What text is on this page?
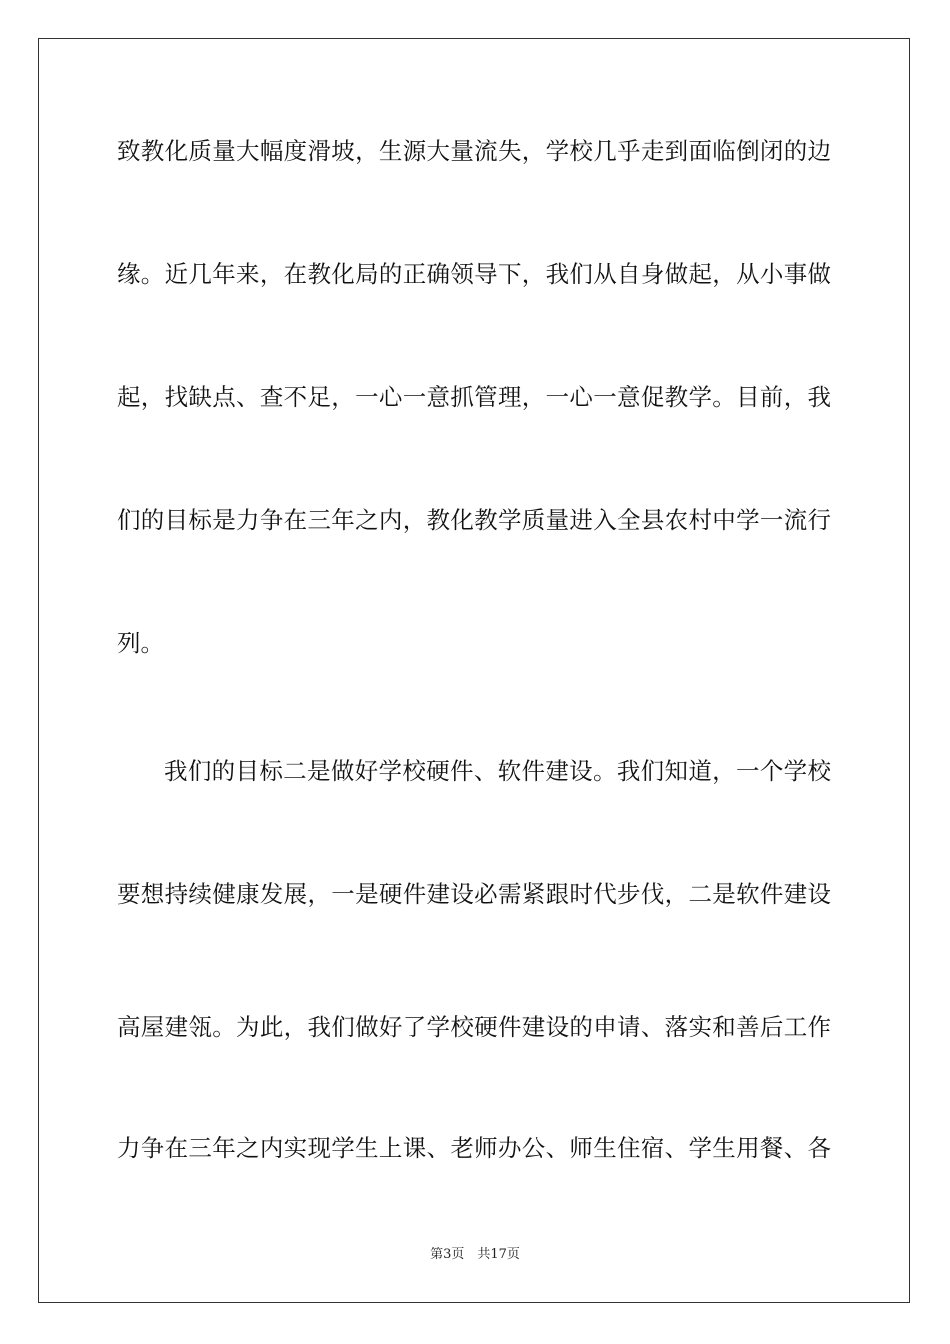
致教化质量大幅度滑坡，生源大量流失，学校几乎走到面临倒闭的边
缘。近几年来，在教化局的正确领导下，我们从自身做起，从小事做
起，找缺点、查不足，一心一意抓管理，一心一意促教学。目前，我
们的目标是力争在三年之内，教化教学质量进入全县农村中学一流行
列。
我们的目标二是做好学校硬件、软件建设。我们知道，一个学校
要想持续健康发展，一是硬件建设必需紧跟时代步伐，二是软件建设
高屋建瓴。为此，我们做好了学校硬件建设的申请、落实和善后工作
力争在三年之内实现学生上课、老师办公、师生住宿、学生用餐、各
第3页　共17页
